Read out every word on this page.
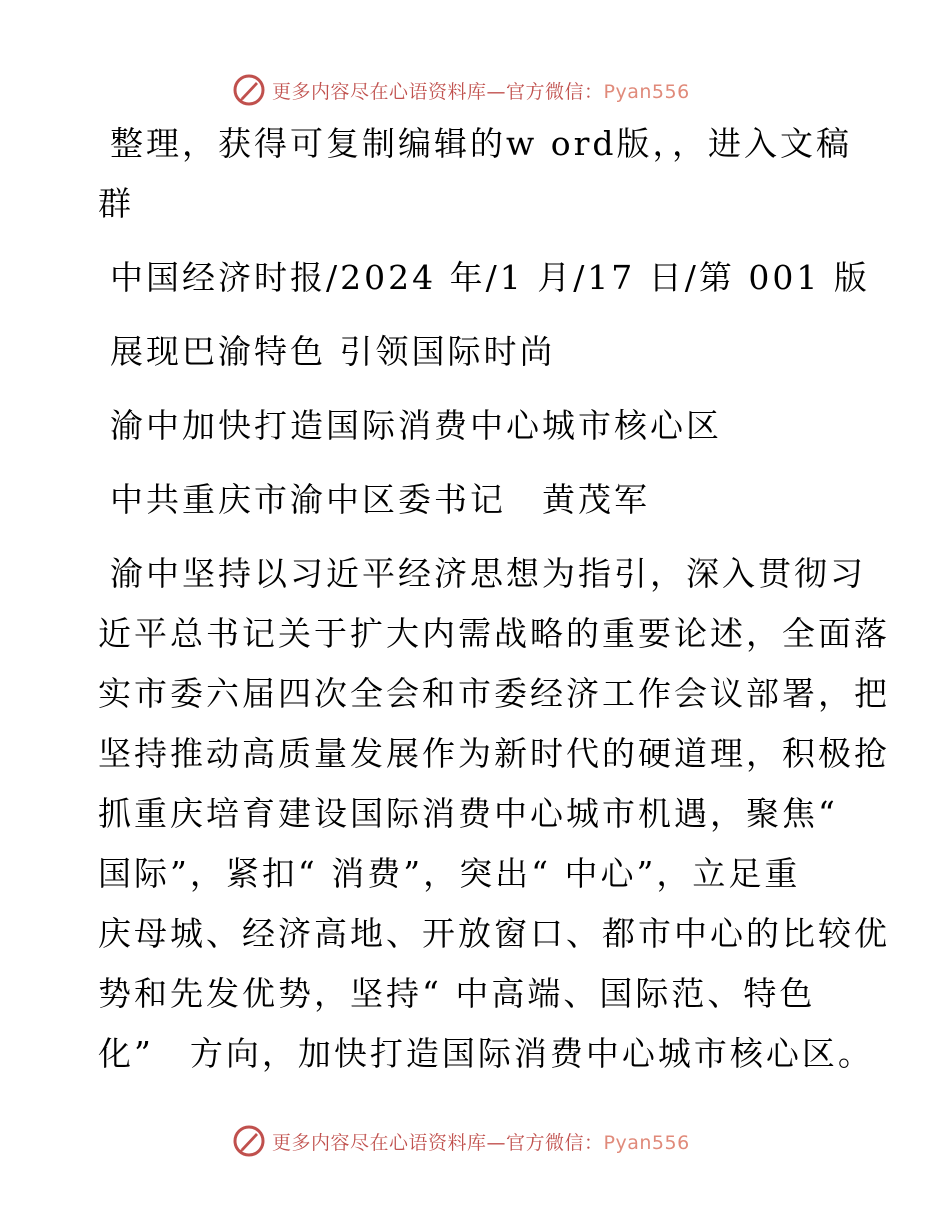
更多内容尽在心语资料库—官方微信：Pyan556
整理，获得可复制编辑的w ord版，，进入文稿
群
中国经济时报/2024 年/1 月/17 日/第 001 版
展现巴渝特色 引领国际时尚
渝中加快打造国际消费中心城市核心区
中共重庆市渝中区委书记　黄茂军
渝中坚持以习近平经济思想为指引，深入贯彻习
近平总书记关于扩大内需战略的重要论述，全面落
实市委六届四次全会和市委经济工作会议部署，把
坚持推动高质量发展作为新时代的硬道理，积极抢
抓重庆培育建设国际消费中心城市机遇，聚焦“
国际”，紧扣“ 消费”，突出“ 中心”，立足重
庆母城、经济高地、开放窗口、都市中心的比较优
势和先发优势，坚持“ 中高端、国际范、特色
化”　方向，加快打造国际消费中心城市核心区。
更多内容尽在心语资料库—官方微信：Pyan556
